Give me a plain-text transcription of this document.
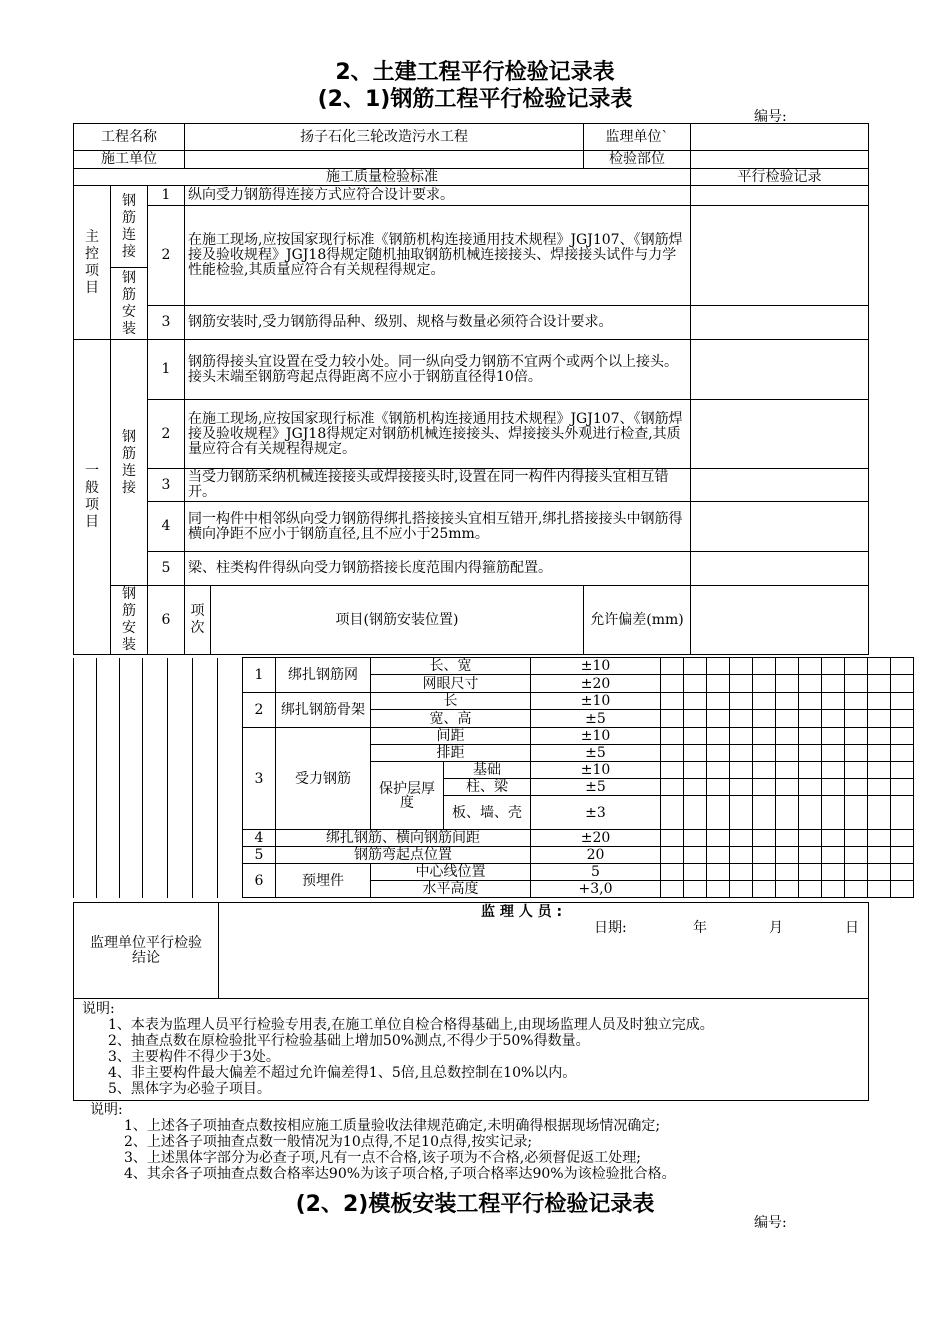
2、土建工程平行检验记录表
(2、1)钢筋工程平行检验记录表
编号:
工程名称			扬子石化三轮改造污水工程		监理单位`	
施工单位					检验部位	
施工质量检验标准						平行检验记录
主控项目	钢筋连接	1	纵向受力钢筋得连接方式应符合设计要求。			
		2	在施工现场,应按国家现行标准《钢筋机构连接通用技术规程》JGJ107、《钢筋焊接及验收规程》JGJ18得规定随机抽取钢筋机械连接接头、焊接接头试件与力学性能检验,其质量应符合有关规程得规定。			
	钢筋安装					
		3	钢筋安装时,受力钢筋得品种、级别、规格与数量必须符合设计要求。			
一般项目	钢筋连接	1	钢筋得接头宜设置在受力较小处。同一纵向受力钢筋不宜两个或两个以上接头。接头末端至钢筋弯起点得距离不应小于钢筋直径得10倍。			
		2	在施工现场,应按国家现行标准《钢筋机构连接通用技术规程》JGJ107、《钢筋焊接及验收规程》JGJ18得规定对钢筋机械连接接头、焊接接头外观进行检查,其质量应符合有关规程得规定。			
		3	当受力钢筋采纳机械连接接头或焊接接头时,设置在同一构件内得接头宜相互错开。			
		4	同一构件中相邻纵向受力钢筋得绑扎搭接接头宜相互错开,绑扎搭接接头中钢筋得横向净距不应小于钢筋直径,且不应小于25mm。			
		5	梁、柱类构件得纵向受力钢筋搭接长度范围内得箍筋配置。			
	钢筋安装	6	项次	项目(钢筋安装位置)	允许偏差(mm)	
							1	绑扎钢筋网	长、宽		±10											
									网眼尺寸		±20											
							2	绑扎钢筋骨架	长		±10											
									宽、高		±5											
							3	受力钢筋	间距		±10											
									排距		±5											
									保护层厚度	基础	±10											
										柱、梁	±5											
										板、墙、壳	±3											
							4	绑扎钢筋、横向钢筋间距			±20											
							5	钢筋弯起点位置			20											
							6	预埋件	中心线位置		5											
									水平高度		+3,0											
监理单位平行检验结论	
监 理 人 员 :
日期:	年	月	日

说明:
1、本表为监理人员平行检验专用表,在施工单位自检合格得基础上,由现场监理人员及时独立完成。
2、抽查点数在原检验批平行检验基础上增加50%测点,不得少于50%得数量。
3、主要构件不得少于3处。
4、非主要构件最大偏差不超过允许偏差得1、5倍,且总数控制在10%以内。
5、黑体字为必验子项目。
说明:
1、上述各子项抽查点数按相应施工质量验收法律规范确定,未明确得根据现场情况确定;
2、上述各子项抽查点数一般情况为10点得,不足10点得,按实记录;
3、上述黑体字部分为必查子项,凡有一点不合格,该子项为不合格,必须督促返工处理;
4、其余各子项抽查点数合格率达90%为该子项合格,子项合格率达90%为该检验批合格。
(2、2)模板安装工程平行检验记录表
编号:
